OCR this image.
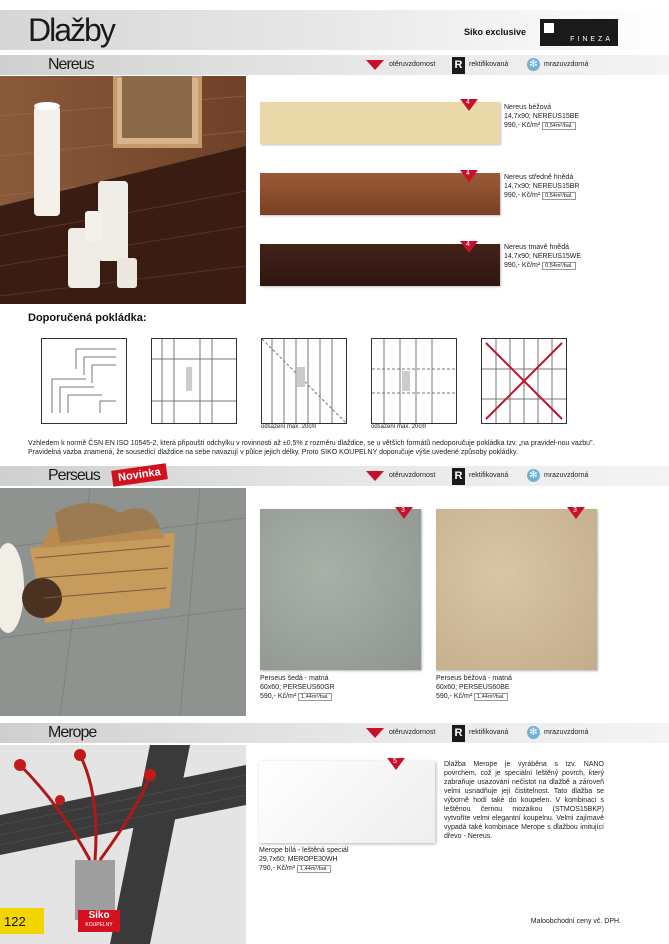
Dlažby	Siko exclusive
FINEZA
Nereus	otěruvzdornost R rektifikovaná ✻ mrazuvzdorná
4
Nereus béžová
14,7x90; NEREUS15BE
990,- Kč/m² 0,54m²/bal.
4
Nereus středně hnědá
14,7x90; NEREUS15BR
990,- Kč/m² 0,54m²/bal.
4	Nereus tmavě hnědá
14,7x90; NEREUS15WE
990,- Kč/m² 0,54m²/bal.
Doporučená pokládka:
odsazení max. 20cm	odsazení max. 20cm
Vzhledem k normě ČSN EN ISO 10545-2, která připouští odchylku v rovinnosti až ±0,5% z rozměru dlaždice, se u větších formátů nedoporučuje pokládka tzv. „na pravidel-nou vazbu". Pravidelná vazba znamená, že sousedící dlaždice na sebe navazují v půlce jejich délky. Proto SIKO KOUPELNY doporučuje výše uvedené způsoby pokládky.
Perseus	Novinka	otěruvzdornost R rektifikovaná ✻ mrazuvzdorná
3
Perseus šedá - matná
60x60; PERSEUS60GR
590,- Kč/m² 1,44m²/bal.
3
Perseus béžová - matná
60x60; PERSEUS60BE
590,- Kč/m² 1,44m²/bal.
Merope	otěruvzdornost R rektifikovaná ✻ mrazuvzdorná
5
Merope bílá - leštěná speciál
29,7x60; MEROPE30WH
790,- Kč/m² 1,44m²/bal.
Dlažba Merope je vyráběna s tzv. NANO povrchem, což je speciální leštěný povrch, který zabraňuje usazování nečistot na dlažbě a zároveň velmi usnadňuje její čistitelnost. Tato dlažba se výborně hodí také do koupelen. V kombinaci s leštěnou černou mozaikou (STMOS15BKP) vytvoříte velmi elegantní koupelnu. Velmi zajímavě vypadá také kombinace Merope s dlažbou imitující dřevo - Nereus.
122	Siko
KOUPELNY	Maloobchodní ceny vč. DPH.
